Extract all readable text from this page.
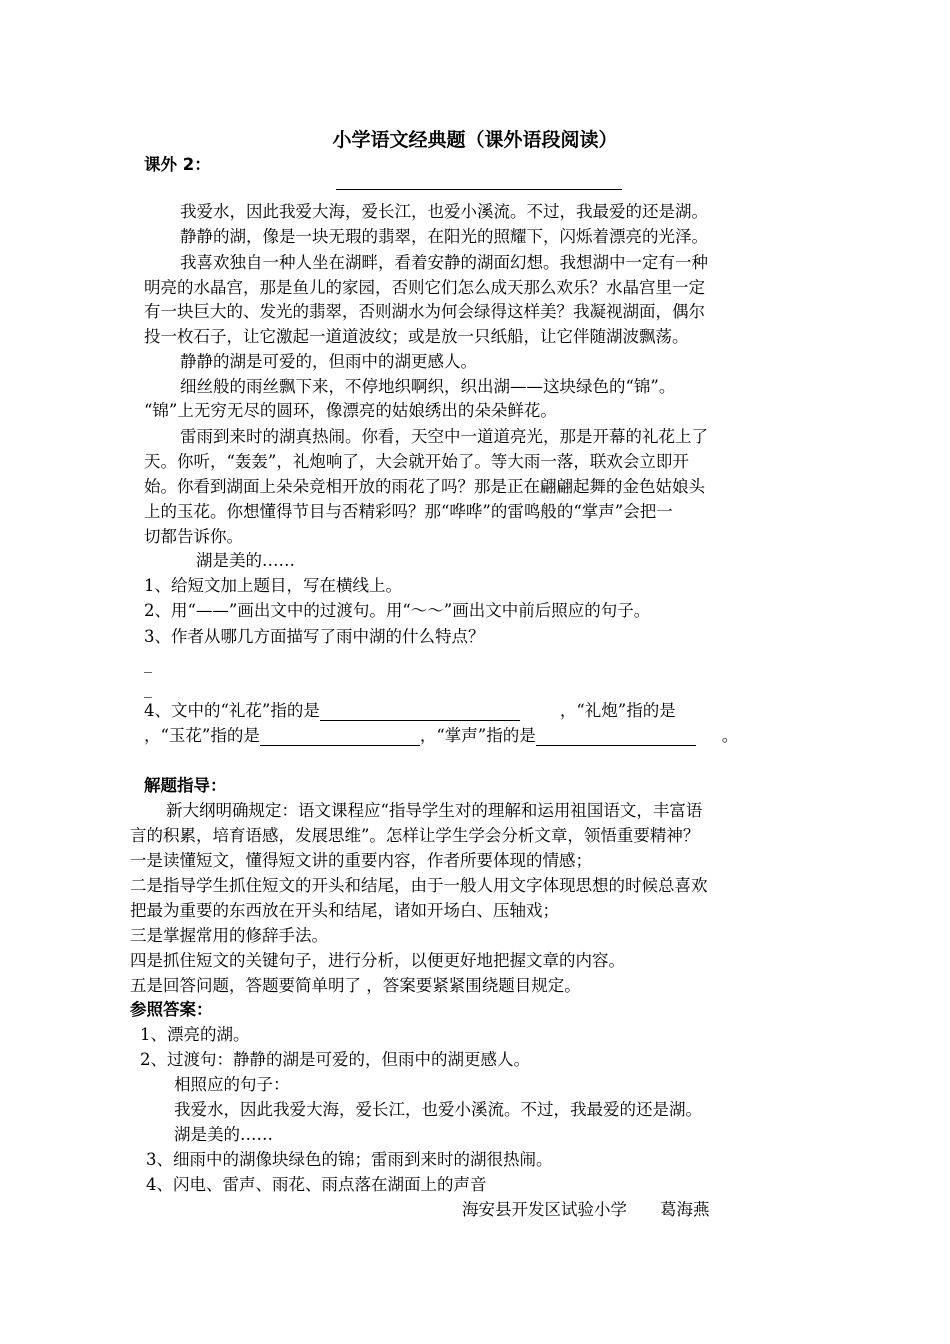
小学语文经典题（课外语段阅读）
课外 2：
我爱水，因此我爱大海，爱长江，也爱小溪流。不过，我最爱的还是湖。
静静的湖，像是一块无瑕的翡翠，在阳光的照耀下，闪烁着漂亮的光泽。
我喜欢独自一种人坐在湖畔，看着安静的湖面幻想。我想湖中一定有一种
明亮的水晶宫，那是鱼儿的家园，否则它们怎么成天那么欢乐？水晶宫里一定
有一块巨大的、发光的翡翠，否则湖水为何会绿得这样美？我凝视湖面，偶尔
投一枚石子，让它激起一道道波纹；或是放一只纸船，让它伴随湖波飘荡。
静静的湖是可爱的，但雨中的湖更感人。
细丝般的雨丝飘下来，不停地织啊织，织出湖——这块绿色的“锦”。
“锦”上无穷无尽的圆环，像漂亮的姑娘绣出的朵朵鲜花。
雷雨到来时的湖真热闹。你看，天空中一道道亮光，那是开幕的礼花上了
天。你听，“轰轰”，礼炮响了，大会就开始了。等大雨一落，联欢会立即开
始。你看到湖面上朵朵竞相开放的雨花了吗？那是正在翩翩起舞的金色姑娘头
上的玉花。你想懂得节目与否精彩吗？那“哗哗”的雷鸣般的“掌声”会把一
切都告诉你。
湖是美的……
1、给短文加上题目，写在横线上。
2、用“——”画出文中的过渡句。用“～～”画出文中前后照应的句子。
3、作者从哪几方面描写了雨中湖的什么特点？
_
_
4、文中的“礼花”指的是	，“礼炮”指的是
，“玉花”指的是	，“掌声”指的是	。
解题指导：
新大纲明确规定：语文课程应“指导学生对的理解和运用祖国语文，丰富语
言的积累，培育语感，发展思维”。怎样让学生学会分析文章，领悟重要精神？
一是读懂短文，懂得短文讲的重要内容，作者所要体现的情感；
二是指导学生抓住短文的开头和结尾，由于一般人用文字体现思想的时候总喜欢
把最为重要的东西放在开头和结尾，诸如开场白、压轴戏；
三是掌握常用的修辞手法。
四是抓住短文的关键句子，进行分析，以便更好地把握文章的内容。
五是回答问题，答题要简单明了 ，答案要紧紧围绕题目规定。
参照答案：
1、漂亮的湖。
2、过渡句：静静的湖是可爱的，但雨中的湖更感人。
相照应的句子：
我爱水，因此我爱大海，爱长江，也爱小溪流。不过，我最爱的还是湖。
湖是美的……
3、细雨中的湖像块绿色的锦；雷雨到来时的湖很热闹。
4、闪电、雷声、雨花、雨点落在湖面上的声音
海安县开发区试验小学　　葛海燕
